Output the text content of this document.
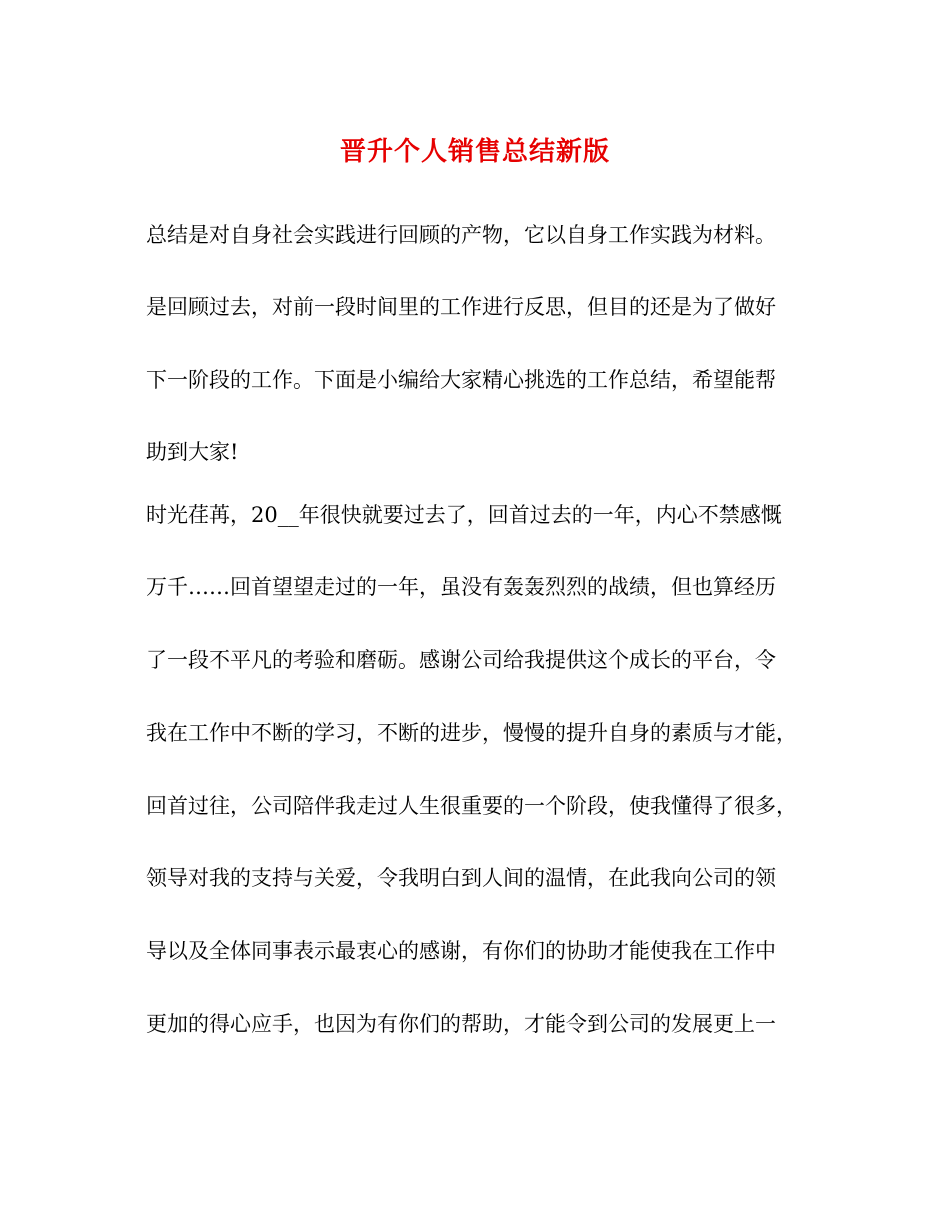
晋升个人销售总结新版
总结是对自身社会实践进行回顾的产物，它以自身工作实践为材料。
是回顾过去，对前一段时间里的工作进行反思，但目的还是为了做好
下一阶段的工作。下面是小编给大家精心挑选的工作总结，希望能帮
助到大家!
时光荏苒，20__年很快就要过去了，回首过去的一年，内心不禁感慨
万千……回首望望走过的一年，虽没有轰轰烈烈的战绩，但也算经历
了一段不平凡的考验和磨砺。感谢公司给我提供这个成长的平台，令
我在工作中不断的学习，不断的进步，慢慢的提升自身的素质与才能，
回首过往，公司陪伴我走过人生很重要的一个阶段，使我懂得了很多，
领导对我的支持与关爱，令我明白到人间的温情，在此我向公司的领
导以及全体同事表示最衷心的感谢，有你们的协助才能使我在工作中
更加的得心应手，也因为有你们的帮助，才能令到公司的发展更上一
